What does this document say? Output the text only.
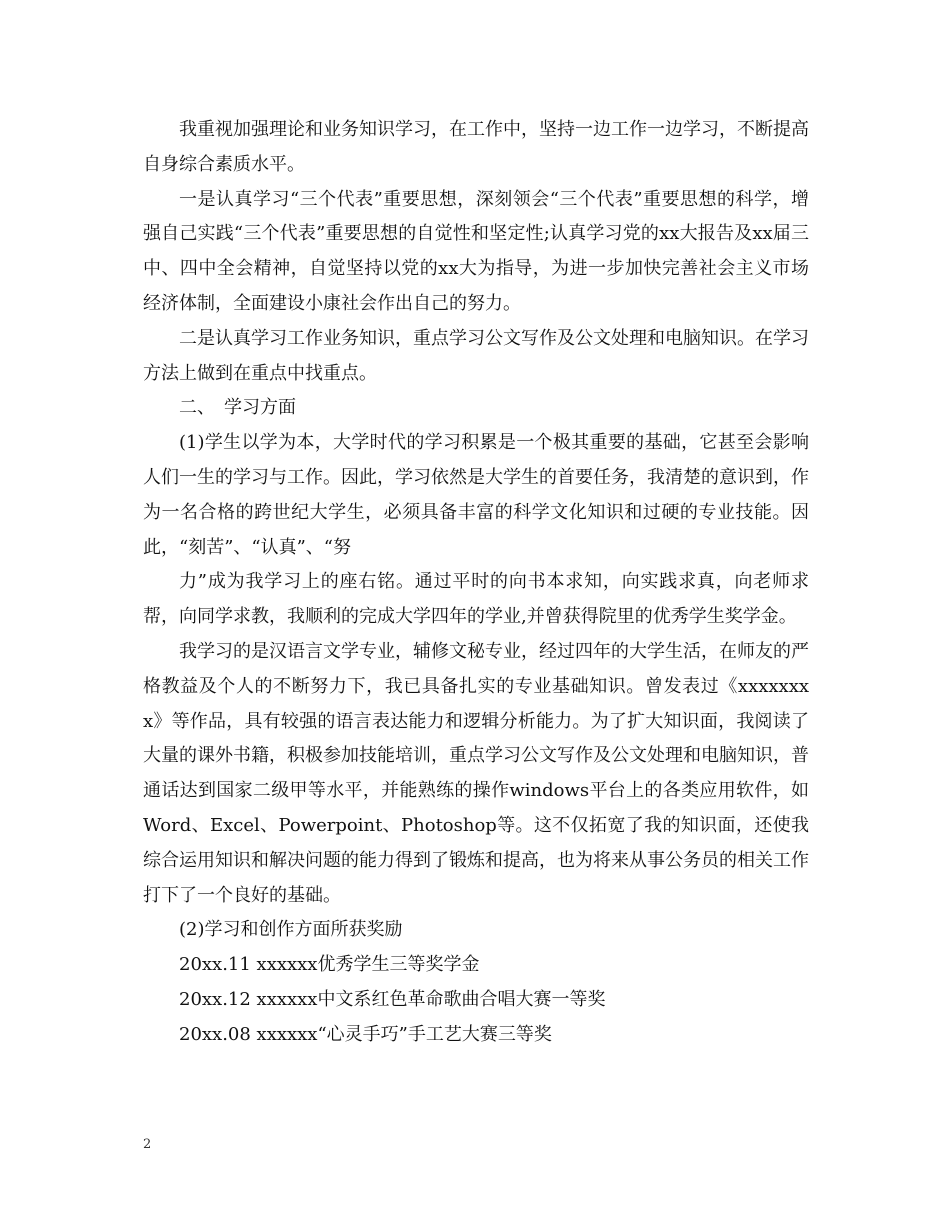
我重视加强理论和业务知识学习，在工作中，坚持一边工作一边学习，不断提高自身综合素质水平。

一是认真学习“三个代表”重要思想，深刻领会“三个代表”重要思想的科学，增强自己实践“三个代表”重要思想的自觉性和坚定性;认真学习党的xx大报告及xx届三中、四中全会精神，自觉坚持以党的xx大为指导，为进一步加快完善社会主义市场经济体制，全面建设小康社会作出自己的努力。

二是认真学习工作业务知识，重点学习公文写作及公文处理和电脑知识。在学习方法上做到在重点中找重点。

二、　学习方面

(1)学生以学为本，大学时代的学习积累是一个极其重要的基础，它甚至会影响人们一生的学习与工作。因此，学习依然是大学生的首要任务，我清楚的意识到，作为一名合格的跨世纪大学生，必须具备丰富的科学文化知识和过硬的专业技能。因此，“刻苦”、“认真”、“努

力”成为我学习上的座右铭。通过平时的向书本求知，向实践求真，向老师求帮，向同学求教，我顺利的完成大学四年的学业,并曾获得院里的优秀学生奖学金。

我学习的是汉语言文学专业，辅修文秘专业，经过四年的大学生活，在师友的严格教益及个人的不断努力下，我已具备扎实的专业基础知识。曾发表过《xxxxxxxx》等作品，具有较强的语言表达能力和逻辑分析能力。为了扩大知识面，我阅读了大量的课外书籍，积极参加技能培训，重点学习公文写作及公文处理和电脑知识，普通话达到国家二级甲等水平，并能熟练的操作windows平台上的各类应用软件，如Word、Excel、Powerpoint、Photoshop等。这不仅拓宽了我的知识面，还使我综合运用知识和解决问题的能力得到了锻炼和提高，也为将来从事公务员的相关工作打下了一个良好的基础。

(2)学习和创作方面所获奖励

20xx.11 xxxxxx优秀学生三等奖学金

20xx.12 xxxxxx中文系红色革命歌曲合唱大赛一等奖

20xx.08 xxxxxx“心灵手巧”手工艺大赛三等奖

2
